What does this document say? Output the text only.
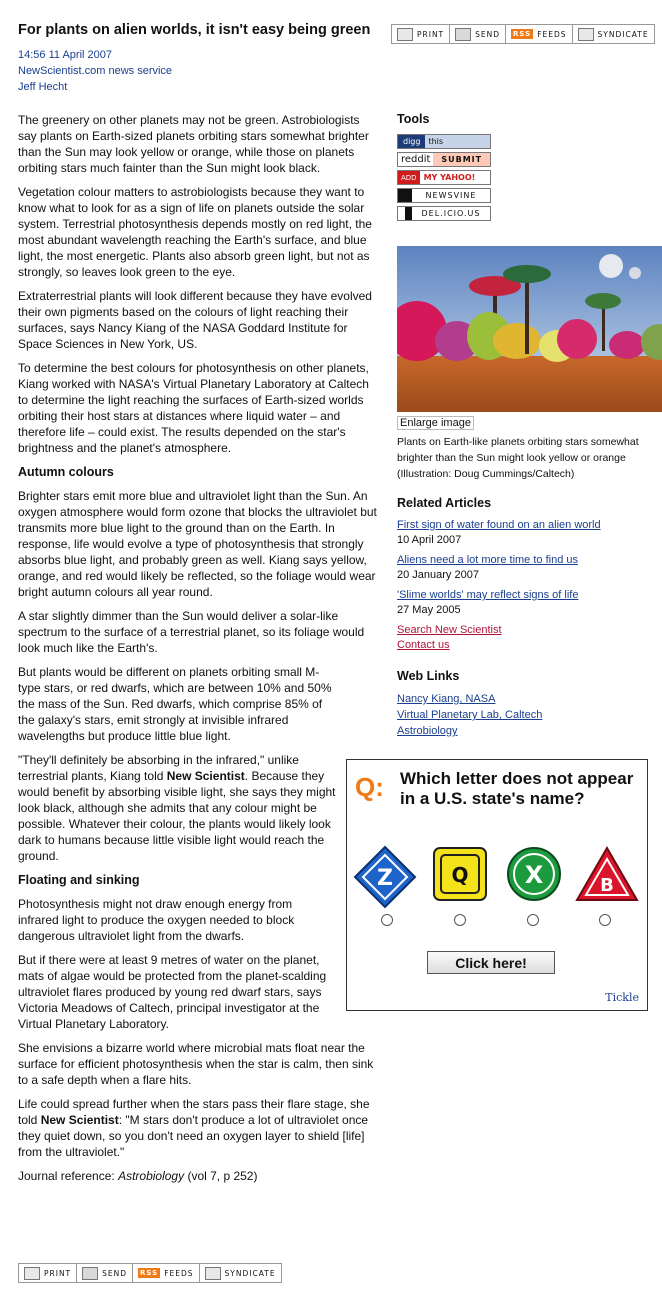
For plants on alien worlds, it isn't easy being green
14:56 11 April 2007
NewScientist.com news service
Jeff Hecht
PRINT	SEND RSS FEEDS	SYNDICATE

The greenery on other planets may not be green. Astrobiologists say plants on Earth-sized planets orbiting stars somewhat brighter than the Sun may look yellow or orange, while those on planets orbiting stars much fainter than the Sun might look black.

Vegetation colour matters to astrobiologists because they want to know what to look for as a sign of life on planets outside the solar system. Terrestrial photosynthesis depends mostly on red light, the most abundant wavelength reaching the Earth's surface, and blue light, the most energetic. Plants also absorb green light, but not as strongly, so leaves look green to the eye.

Extraterrestrial plants will look different because they have evolved their own pigments based on the colours of light reaching their surfaces, says Nancy Kiang of the NASA Goddard Institute for Space Sciences in New York, US.

To determine the best colours for photosynthesis on other planets, Kiang worked with NASA's Virtual Planetary Laboratory at Caltech to determine the light reaching the surfaces of Earth-sized worlds orbiting their host stars at distances where liquid water – and therefore life – could exist. The results depended on the star's brightness and the planet's atmosphere.

Autumn colours

Brighter stars emit more blue and ultraviolet light than the Sun. An oxygen atmosphere would form ozone that blocks the ultraviolet but transmits more blue light to the ground than on the Earth. In response, life would evolve a type of photosynthesis that strongly absorbs blue light, and probably green as well. Kiang says yellow, orange, and red would likely be reflected, so the foliage would wear bright autumn colours all year round.

A star slightly dimmer than the Sun would deliver a solar-like spectrum to the surface of a terrestrial planet, so its foliage would look much like the Earth's.

But plants would be different on planets orbiting small M-type stars, or red dwarfs, which are between 10% and 50% the mass of the Sun. Red dwarfs, which comprise 85% of the galaxy's stars, emit strongly at invisible infrared wavelengths but produce little blue light.

"They'll definitely be absorbing in the infrared," unlike terrestrial plants, Kiang told New Scientist. Because they would benefit by absorbing visible light, she says they might look black, although she admits that any colour might be possible. Whatever their colour, the plants would likely look dark to humans because little visible light would reach the ground.

Floating and sinking

Photosynthesis might not draw enough energy from infrared light to produce the oxygen needed to block dangerous ultraviolet light from the dwarfs.

But if there were at least 9 metres of water on the planet, mats of algae would be protected from the planet-scalding ultraviolet flares produced by young red dwarf stars, says Victoria Meadows of Caltech, principal investigator at the Virtual Planetary Laboratory.

She envisions a bizarre world where microbial mats float near the surface for efficient photosynthesis when the star is calm, then sink to a safe depth when a flare hits.

Life could spread further when the stars pass their flare stage, she told New Scientist: "M stars don't produce a lot of ultraviolet once they quiet down, so you don't need an oxygen layer to shield [life] from the ultraviolet."

Journal reference: Astrobiology (vol 7, p 252)

PRINT	SEND RSS FEEDS	SYNDICATE
Tools
digg	this
reddit	SUBMIT
ADD MY YAHOO!
NEWSVINE
DEL.ICIO.US
Enlarge image
Plants on Earth-like planets orbiting stars somewhat brighter than the Sun might look yellow or orange (Illustration: Doug Cummings/Caltech)
Related Articles
First sign of water found on an alien world
10 April 2007
Aliens need a lot more time to find us
20 January 2007
'Slime worlds' may reflect signs of life
27 May 2005
Search New Scientist
Contact us
Web Links
Nancy Kiang, NASA
Virtual Planetary Lab, Caltech
Astrobiology
Q: Which letter does not appear in a U.S. state's name?
Z	Q X	B
Click here!
Tickle
